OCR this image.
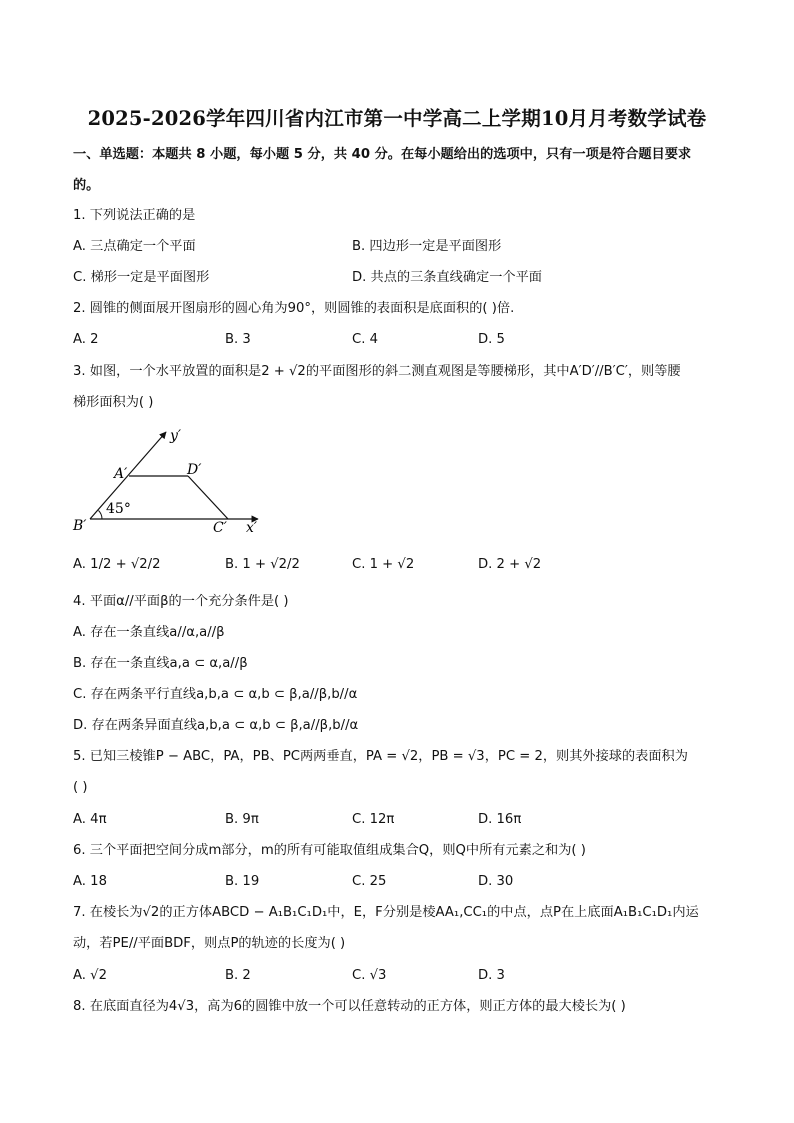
2025-2026学年四川省内江市第一中学高二上学期10月月考数学试卷
一、单选题：本题共 8 小题，每小题 5 分，共 40 分。在每小题给出的选项中，只有一项是符合题目要求
的。
1. 下列说法正确的是
A. 三点确定一个平面	B. 四边形一定是平面图形
C. 梯形一定是平面图形	D. 共点的三条直线确定一个平面
2. 圆锥的侧面展开图扇形的圆心角为90°，则圆锥的表面积是底面积的( )倍.
A. 2	B. 3	C. 4	D. 5
3. 如图，一个水平放置的面积是2 + √2的平面图形的斜二测直观图是等腰梯形，其中A′D′//B′C′，则等腰
梯形面积为( )
y′
x′
A′	D′
B′	C′
45°
A. 1/2 + √2/2	B. 1 + √2/2	C. 1 + √2	D. 2 + √2
4. 平面α//平面β的一个充分条件是( )
A. 存在一条直线a//α,a//β
B. 存在一条直线a,a ⊂ α,a//β
C. 存在两条平行直线a,b,a ⊂ α,b ⊂ β,a//β,b//α
D. 存在两条异面直线a,b,a ⊂ α,b ⊂ β,a//β,b//α
5. 已知三棱锥P − ABC，PA，PB、PC两两垂直，PA = √2，PB = √3，PC = 2，则其外接球的表面积为
( )
A. 4π	B. 9π	C. 12π	D. 16π
6. 三个平面把空间分成m部分，m的所有可能取值组成集合Q，则Q中所有元素之和为( )
A. 18	B. 19	C. 25	D. 30
7. 在棱长为√2的正方体ABCD − A₁B₁C₁D₁中，E，F分别是棱AA₁,CC₁的中点，点P在上底面A₁B₁C₁D₁内运
动，若PE//平面BDF，则点P的轨迹的长度为( )
A. √2	B. 2	C. √3	D. 3
8. 在底面直径为4√3，高为6的圆锥中放一个可以任意转动的正方体，则正方体的最大棱长为( )
